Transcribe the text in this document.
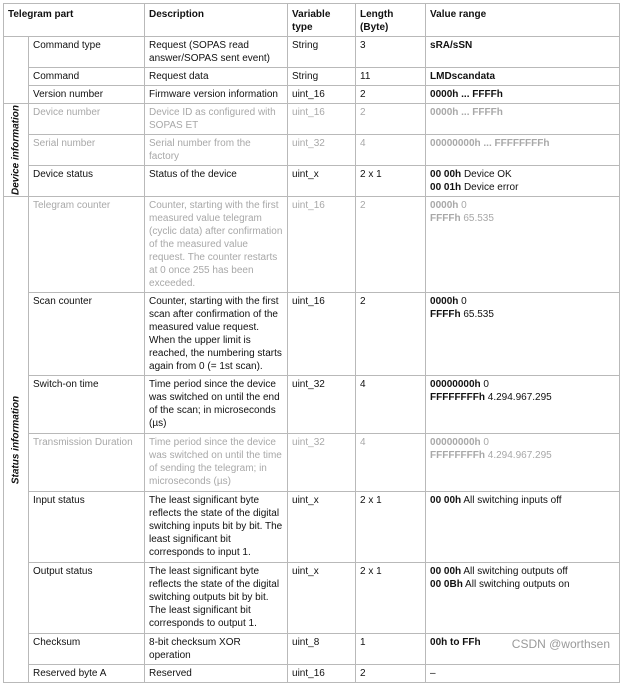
Telegram part		Description	Variable type	Length (Byte)	Value range
	Command type	Request (SOPAS read answer/SOPAS sent event)	String	3	sRA/sSN
	Command	Request data	String	11	LMDscandata
	Version number	Firmware version information	uint_16	2	0000h ... FFFFh

Device information	Device number	Device ID as configured with SOPAS ET	uint_16	2	0000h ... FFFFh
	Serial number	Serial number from the factory	uint_32	4	00000000h ... FFFFFFFFh
	Device status	Status of the device	uint_x	2 x 1	00 00h Device OK
00 01h Device error

Status information	Telegram counter	Counter, starting with the first measured value telegram (cyclic data) after confirmation of the measured value request. The counter restarts at 0 once 255 has been exceeded.	uint_16	2	0000h 0
FFFFh 65.535

	Scan counter	Counter, starting with the first scan after confirmation of the measured value request. When the upper limit is reached, the numbering starts again from 0 (= 1st scan).	uint_16	2	0000h 0
FFFFh 65.535

	Switch-on time	Time period since the device was switched on until the end of the scan; in microseconds (µs)	uint_32	4	00000000h 0
FFFFFFFFh 4.294.967.295

	Transmission Duration	Time period since the device was switched on until the time of sending the telegram; in microseconds (µs)	uint_32	4	00000000h 0
FFFFFFFFh 4.294.967.295

	Input status	The least significant byte reflects the state of the digital switching inputs bit by bit. The least significant bit corresponds to input 1.	uint_x	2 x 1	00 00h All switching inputs off

	Output status	The least significant byte reflects the state of the digital switching outputs bit by bit. The least significant bit corresponds to output 1.	uint_x	2 x 1	00 00h All switching outputs off
00 0Bh All switching outputs on

	Checksum	8-bit checksum XOR operation	uint_8	1	00h to FFh
	Reserved byte A	Reserved	uint_16	2	–
CSDN @worthsen
